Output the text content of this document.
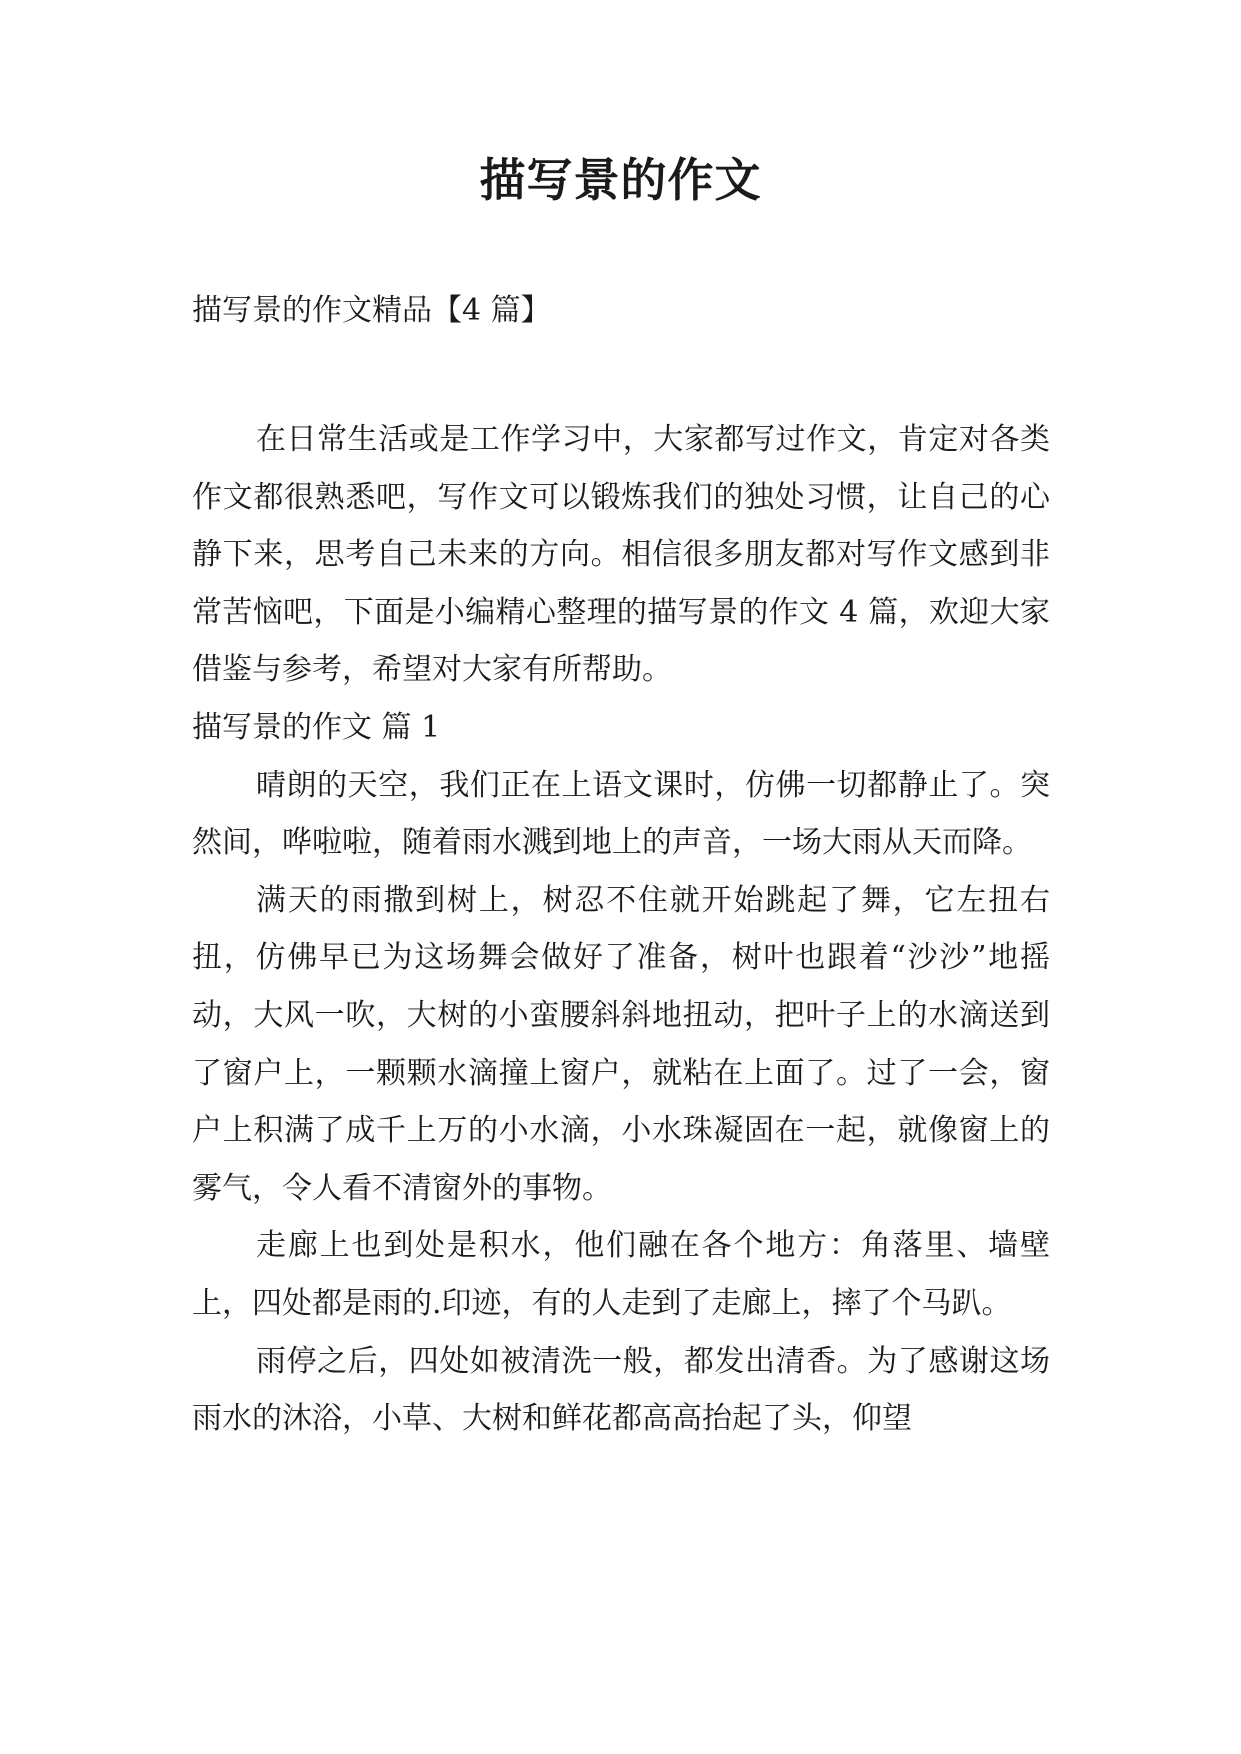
描写景的作文

描写景的作文精品【4 篇】

在日常生活或是工作学习中，大家都写过作文，肯定对各类作文都很熟悉吧，写作文可以锻炼我们的独处习惯，让自己的心静下来，思考自己未来的方向。相信很多朋友都对写作文感到非常苦恼吧，下面是小编精心整理的描写景的作文 4 篇，欢迎大家借鉴与参考，希望对大家有所帮助。

描写景的作文 篇 1

晴朗的天空，我们正在上语文课时，仿佛一切都静止了。突然间，哗啦啦，随着雨水溅到地上的声音，一场大雨从天而降。

满天的雨撒到树上，树忍不住就开始跳起了舞，它左扭右扭，仿佛早已为这场舞会做好了准备，树叶也跟着“沙沙”地摇动，大风一吹，大树的小蛮腰斜斜地扭动，把叶子上的水滴送到了窗户上，一颗颗水滴撞上窗户，就粘在上面了。过了一会，窗户上积满了成千上万的小水滴，小水珠凝固在一起，就像窗上的雾气，令人看不清窗外的事物。

走廊上也到处是积水，他们融在各个地方：角落里、墙壁上，四处都是雨的.印迹，有的人走到了走廊上，摔了个马趴。

雨停之后，四处如被清洗一般，都发出清香。为了感谢这场雨水的沐浴，小草、大树和鲜花都高高抬起了头，仰望
